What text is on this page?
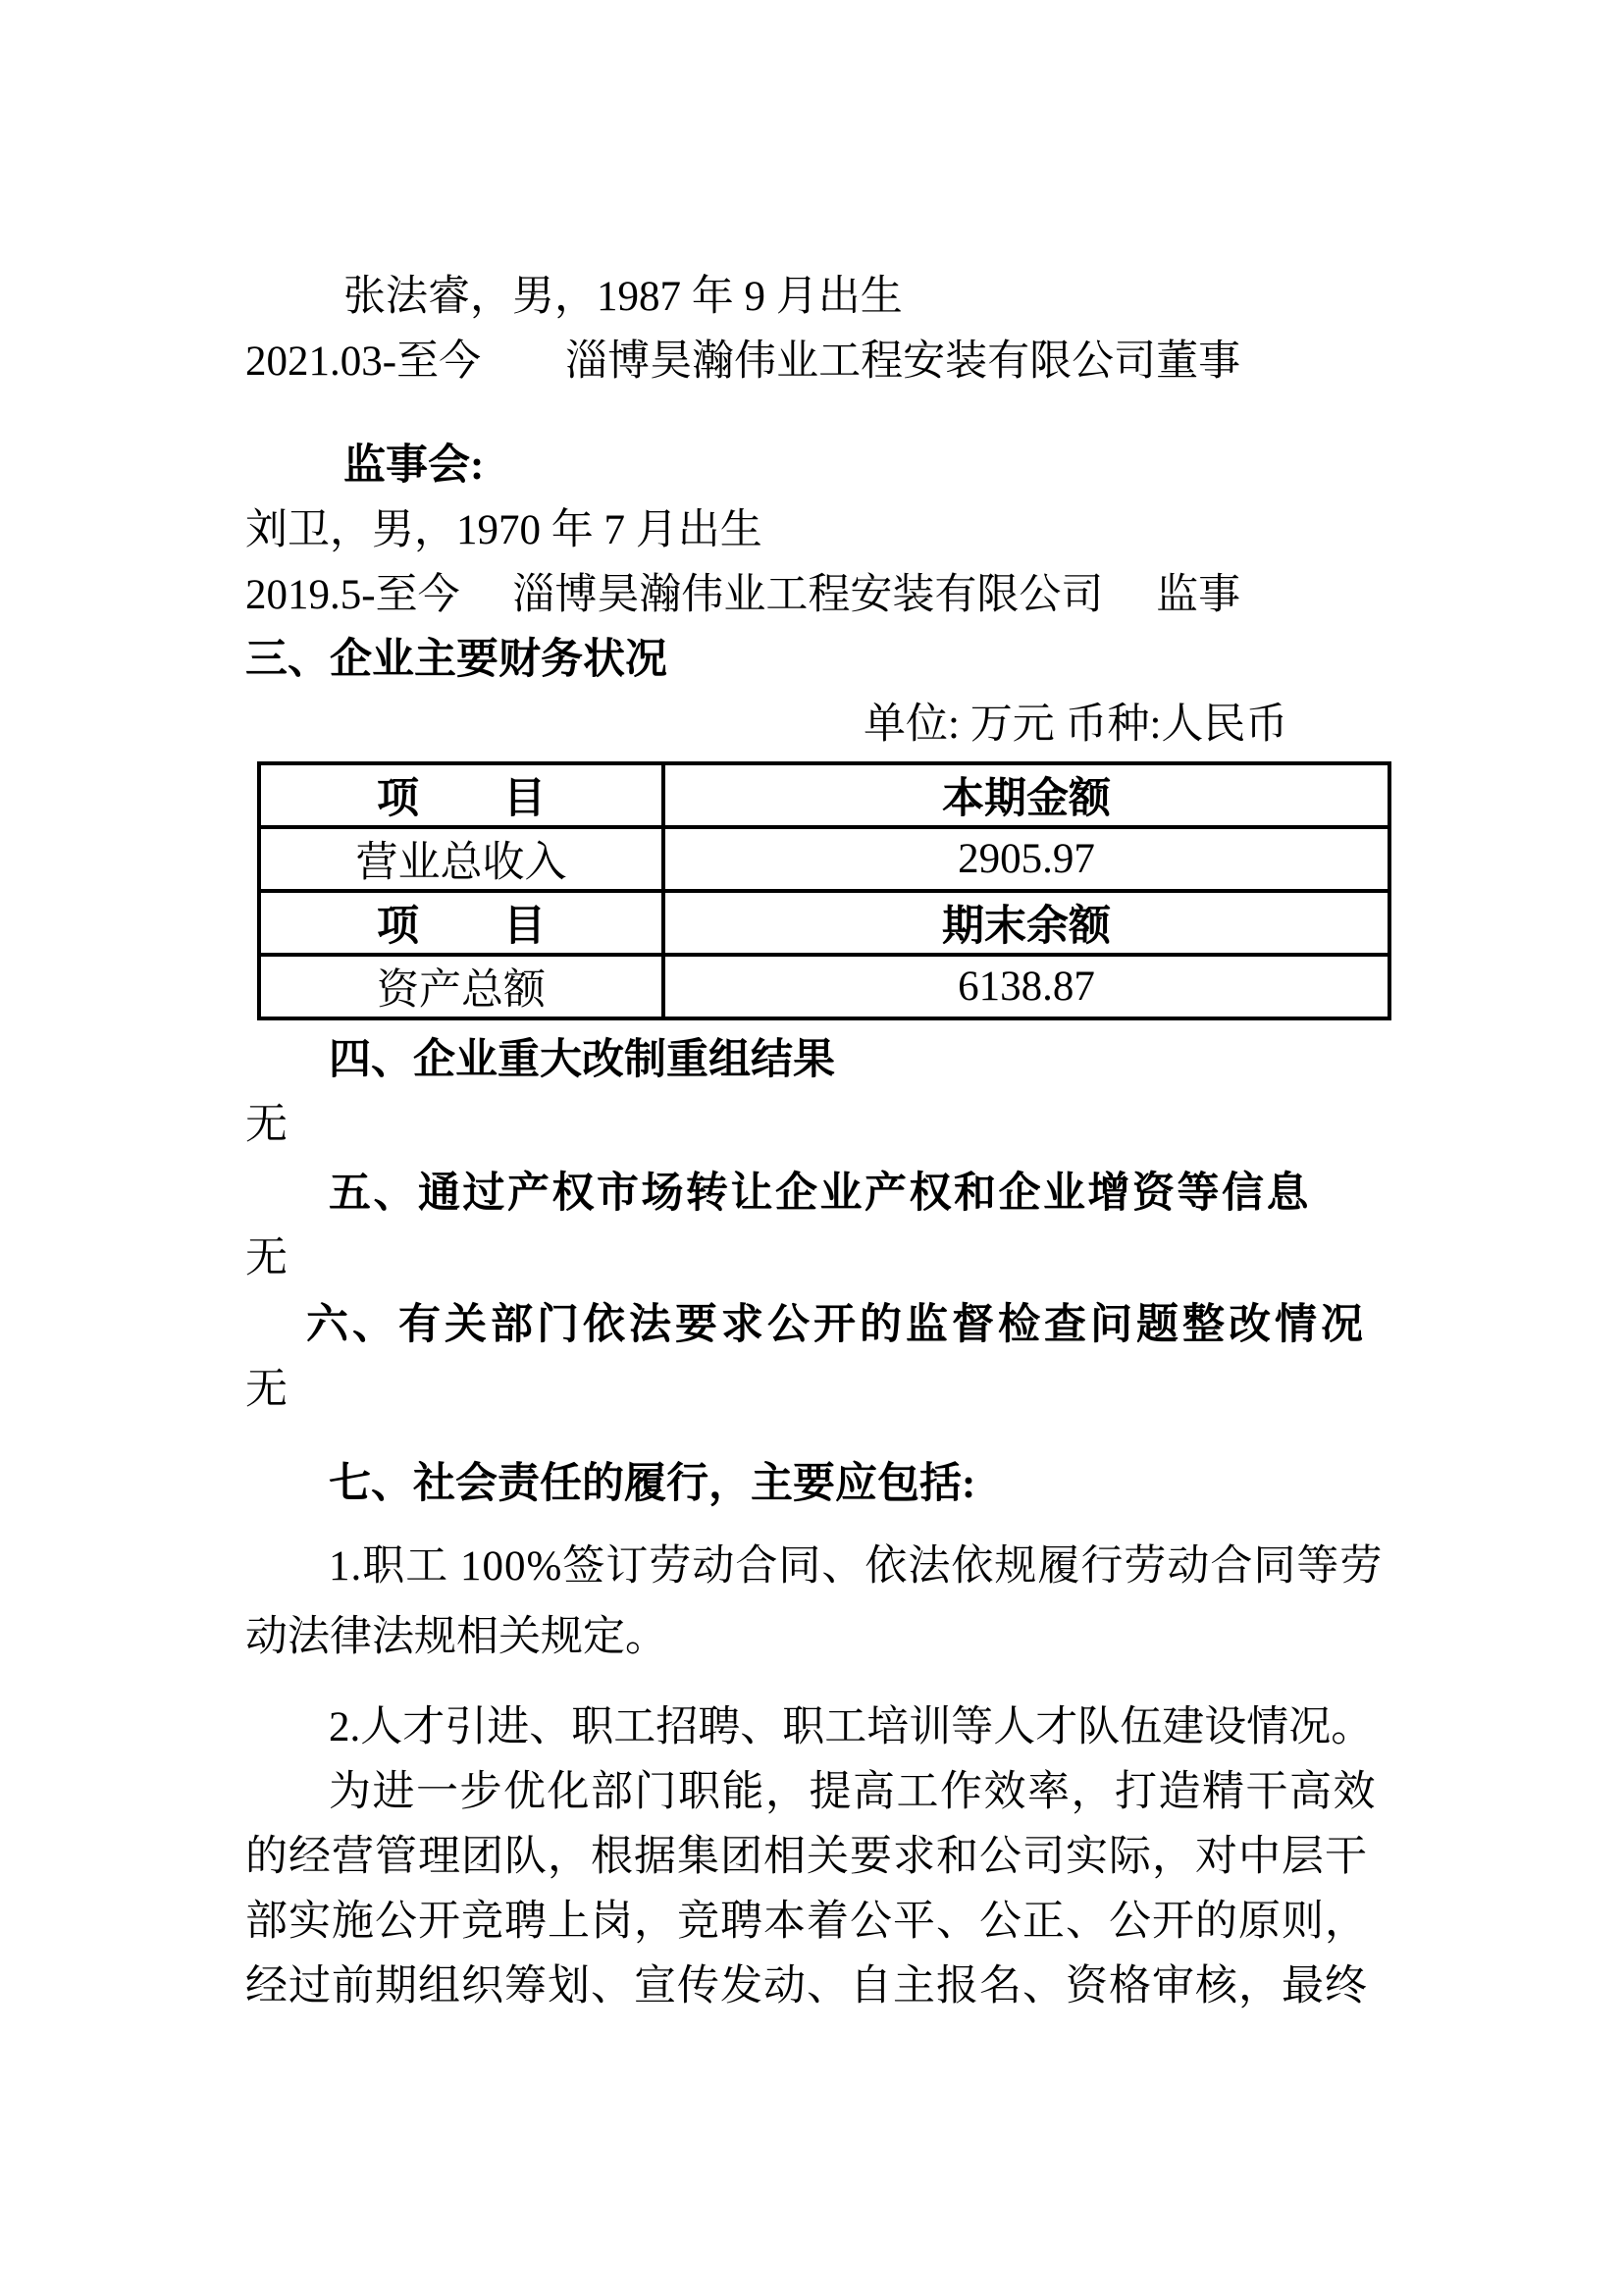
张法睿，男，1987 年 9 月出生
2021.03-至今　　淄博昊瀚伟业工程安装有限公司董事
监事会:
刘卫，男，1970 年 7 月出生
2019.5-至今　 淄博昊瀚伟业工程安装有限公司　 监事
三、企业主要财务状况
单位: 万元 币种:人民币
项　　目	本期金额
营业总收入	2905.97
项　　目	期末余额
资产总额	6138.87
四、企业重大改制重组结果
无
五、通过产权市场转让企业产权和企业增资等信息
无
六、有关部门依法要求公开的监督检查问题整改情况
无
七、社会责任的履行，主要应包括:
1.职工 100%签订劳动合同、依法依规履行劳动合同等劳
动法律法规相关规定。
2.人才引进、职工招聘、职工培训等人才队伍建设情况。
为进一步优化部门职能，提高工作效率，打造精干高效
的经营管理团队，根据集团相关要求和公司实际，对中层干
部实施公开竞聘上岗，竞聘本着公平、公正、公开的原则，
经过前期组织筹划、宣传发动、自主报名、资格审核，最终
